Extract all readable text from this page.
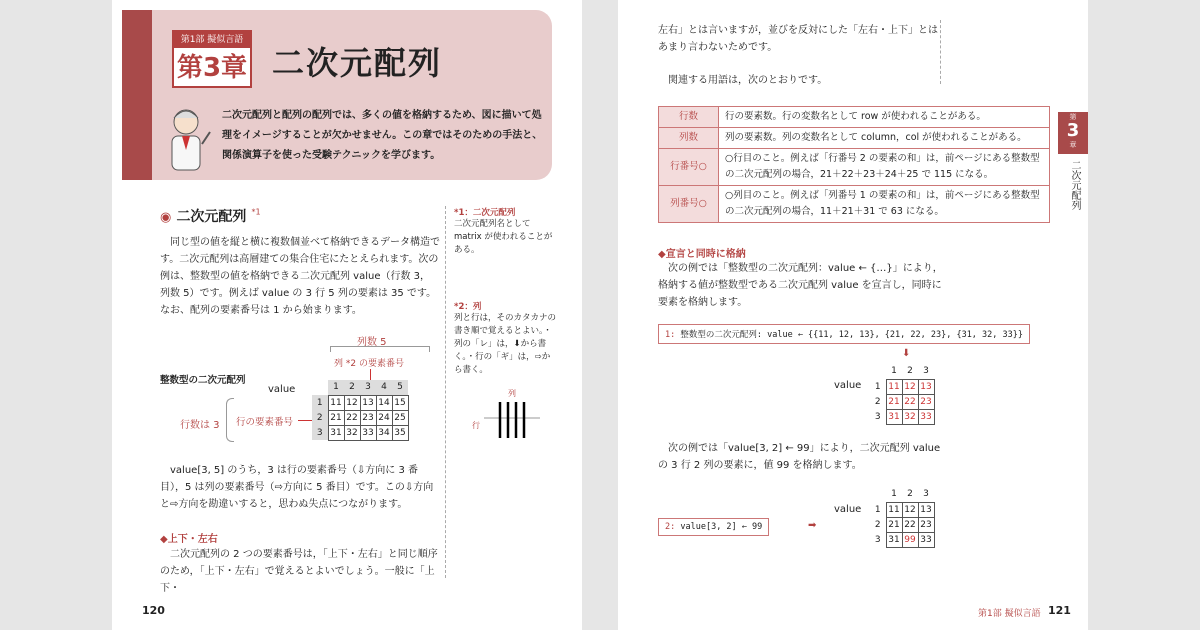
第1部 擬似言語
第3章 二次元配列
二次元配列と配列の配列では、多くの値を格納するため、図に描いて処理をイメージすることが欠かせません。この章ではそのための手法と、関係演算子を使った受験テクニックを学びます。
◉ 二次元配列 $^{*1}$
同じ型の値を縦と横に複数個並べて格納できるデータ構造です。二次元配列は高層建ての集合住宅にたとえられます。次の例は、整数型の値を格納できる二次元配列 value（行数 3，列数 5）です。例えば value の 3 行 5 列の要素は 35 です。なお、配列の要素番号は 1 から始まります。
列数 5
列 *2 の要素番号
整数型の二次元配列
value
行数は 3 行の要素番号
	1	2	3	4	5
1	11	12	13	14	15
2	21	22	23	24	25
3	31	32	33	34	35
value[3, 5] のうち，3 は行の要素番号（⇩方向に 3 番目），5 は列の要素番号（⇨方向に 5 番目）です。この⇩方向と⇨方向を勘違いすると，思わぬ失点につながります。
◆上下・左右
二次元配列の 2 つの要素番号は，「上下・左右」と同じ順序のため，「上下・左右」で覚えるとよいでしょう。一般に「上下・
*1：二次元配列
二次元配列名として matrix が使われることがある。
*2：列
列と行は，そのカタカナの書き順で覚えるとよい。・列の「レ」は，⬇から書く。・行の「ギ」は，⇨から書く。
列
行
120
左右」とは言いますが，並びを反対にした「左右・上下」とはあまり言わないためです。
関連する用語は，次のとおりです。
行数	行の要素数。行の変数名として row が使われることがある。
列数	列の要素数。列の変数名として column，col が使われることがある。
行番号○	○行目のこと。例えば「行番号 2 の要素の和」は，前ページにある整数型の二次元配列の場合，21＋22＋23＋24＋25 で 115 になる。
列番号○	○列目のこと。例えば「列番号 1 の要素の和」は，前ページにある整数型の二次元配列の場合，11＋21＋31 で 63 になる。
◆宣言と同時に格納
次の例では「整数型の二次元配列：value ← {…}」により，格納する値が整数型である二次元配列 value を宣言し，同時に要素を格納します。
1: 整数型の二次元配列: value ← {{11, 12, 13}, {21, 22, 23}, {31, 32, 33}}
⬇
value
	1	2	3
1	11	12	13
2	21	22	23
3	31	32	33
次の例では「value[3, 2] ← 99」により，二次元配列 value の 3 行 2 列の要素に，値 99 を格納します。
2: value[3, 2] ← 99	➡
value
	1	2	3
1	11	12	13
2	21	22	23
3	31	99	33
第
3
章
二次元配列
第1部 擬似言語 121
